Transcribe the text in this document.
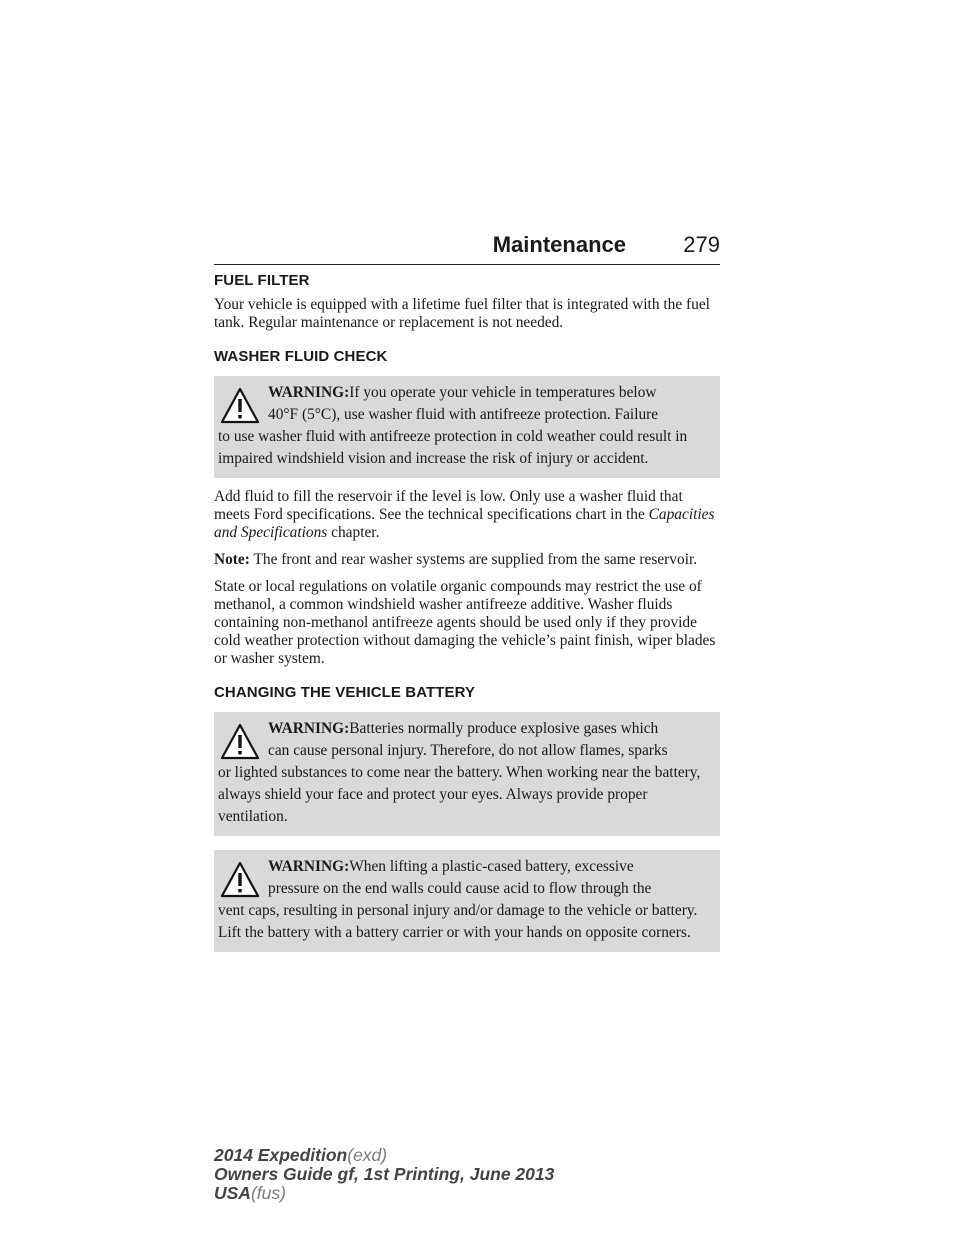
Maintenance	279
FUEL FILTER

Your vehicle is equipped with a lifetime fuel filter that is integrated with the fuel tank. Regular maintenance or replacement is not needed.

WASHER FLUID CHECK
WARNING:If you operate your vehicle in temperatures below
40°F (5°C), use washer fluid with antifreeze protection. Failure
to use washer fluid with antifreeze protection in cold weather could result in impaired windshield vision and increase the risk of injury or accident.

Add fluid to fill the reservoir if the level is low. Only use a washer fluid that meets Ford specifications. See the technical specifications chart in the Capacities and Specifications chapter.

Note: The front and rear washer systems are supplied from the same reservoir.

State or local regulations on volatile organic compounds may restrict the use of methanol, a common windshield washer antifreeze additive. Washer fluids containing non-methanol antifreeze agents should be used only if they provide cold weather protection without damaging the vehicle’s paint finish, wiper blades or washer system.

CHANGING THE VEHICLE BATTERY
WARNING:Batteries normally produce explosive gases which
can cause personal injury. Therefore, do not allow flames, sparks
or lighted substances to come near the battery. When working near the battery, always shield your face and protect your eyes. Always provide proper ventilation.
WARNING:When lifting a plastic-cased battery, excessive
pressure on the end walls could cause acid to flow through the
vent caps, resulting in personal injury and/or damage to the vehicle or battery. Lift the battery with a battery carrier or with your hands on opposite corners.
2014 Expedition(exd)
Owners Guide gf, 1st Printing, June 2013
USA(fus)
carmanualsonline.info
